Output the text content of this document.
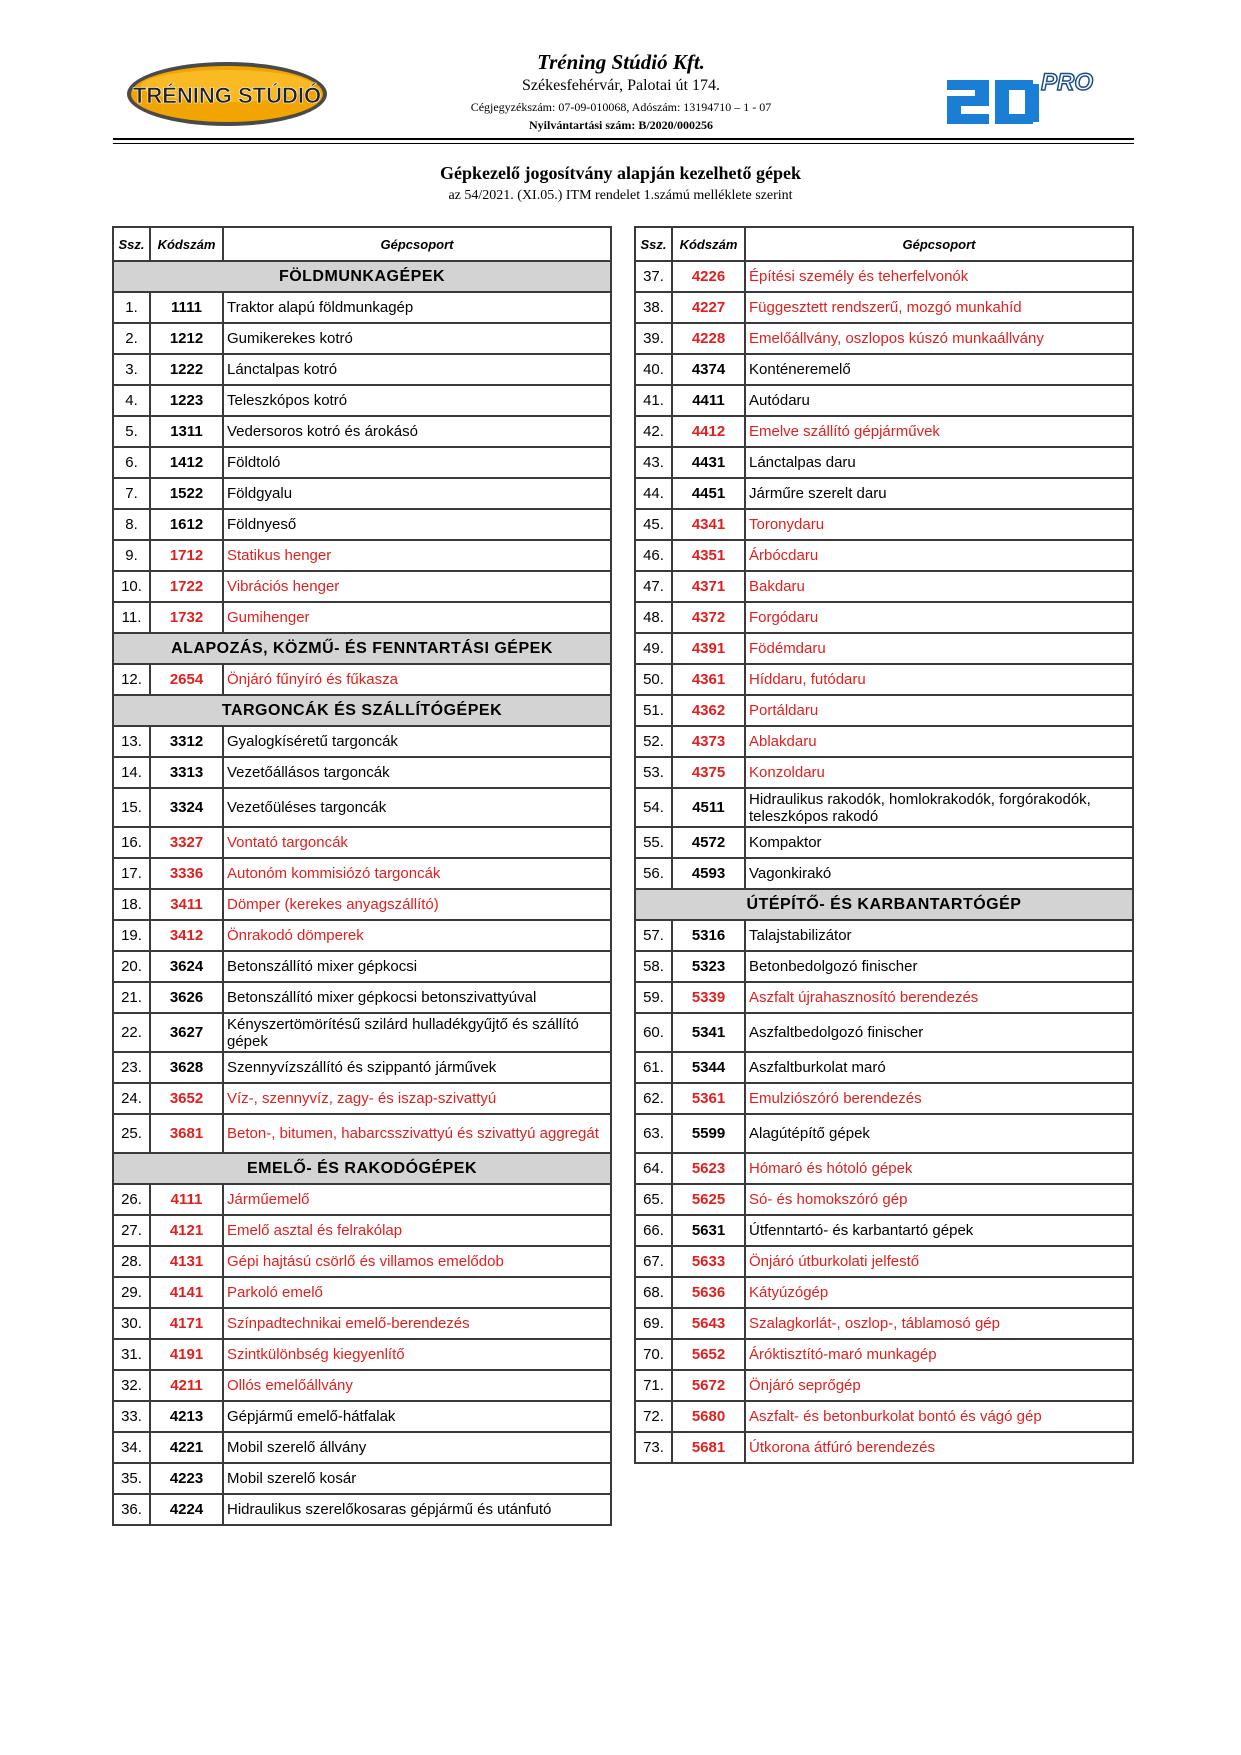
TRÉNING STÚDIÓ
Tréning Stúdió Kft.
Székesfehérvár, Palotai út 174.
Cégjegyzékszám: 07-09-010068, Adószám: 13194710 – 1 - 07
Nyilvántartási szám: B/2020/000256
PRO
ZD PRO
Gépkezelő jogosítvány alapján kezelhető gépek
az 54/2021. (XI.05.) ITM rendelet 1.számú melléklete szerint
Ssz.	Kódszám	Gépcsoport
FÖLDMUNKAGÉPEK		
1.	1111	Traktor alapú földmunkagép
2.	1212	Gumikerekes kotró
3.	1222	Lánctalpas kotró
4.	1223	Teleszkópos kotró
5.	1311	Vedersoros kotró és árokásó
6.	1412	Földtoló
7.	1522	Földgyalu
8.	1612	Földnyeső
9.	1712	Statikus henger
10.	1722	Vibrációs henger
11.	1732	Gumihenger
ALAPOZÁS, KÖZMŰ- ÉS FENNTARTÁSI GÉPEK		
12.	2654	Önjáró fűnyíró és fűkasza
TARGONCÁK ÉS SZÁLLÍTÓGÉPEK		
13.	3312	Gyalogkíséretű targoncák
14.	3313	Vezetőállásos targoncák
15.	3324	Vezetőüléses targoncák
16.	3327	Vontató targoncák
17.	3336	Autonóm kommisiózó targoncák
18.	3411	Dömper (kerekes anyagszállító)
19.	3412	Önrakodó dömperek
20.	3624	Betonszállító mixer gépkocsi
21.	3626	Betonszállító mixer gépkocsi betonszivattyúval
22.	3627	Kényszertömörítésű szilárd hulladékgyűjtő és szállító gépek
23.	3628	Szennyvízszállító és szippantó járművek
24.	3652	Víz-, szennyvíz, zagy- és iszap-szivattyú
25.	3681	Beton-, bitumen, habarcsszivattyú és szivattyú aggregát
EMELŐ- ÉS RAKODÓGÉPEK		
26.	4111	Járműemelő
27.	4121	Emelő asztal és felrakólap
28.	4131	Gépi hajtású csörlő és villamos emelődob
29.	4141	Parkoló emelő
30.	4171	Színpadtechnikai emelő-berendezés
31.	4191	Szintkülönbség kiegyenlítő
32.	4211	Ollós emelőállvány
33.	4213	Gépjármű emelő-hátfalak
34.	4221	Mobil szerelő állvány
35.	4223	Mobil szerelő kosár
36.	4224	Hidraulikus szerelőkosaras gépjármű és utánfutó
Ssz.	Kódszám	Gépcsoport
37.	4226	Építési személy és teherfelvonók
38.	4227	Függesztett rendszerű, mozgó munkahíd
39.	4228	Emelőállvány, oszlopos kúszó munkaállvány
40.	4374	Konténeremelő
41.	4411	Autódaru
42.	4412	Emelve szállító gépjárművek
43.	4431	Lánctalpas daru
44.	4451	Járműre szerelt daru
45.	4341	Toronydaru
46.	4351	Árbócdaru
47.	4371	Bakdaru
48.	4372	Forgódaru
49.	4391	Födémdaru
50.	4361	Híddaru, futódaru
51.	4362	Portáldaru
52.	4373	Ablakdaru
53.	4375	Konzoldaru
54.	4511	Hidraulikus rakodók, homlokrakodók, forgórakodók, teleszkópos rakodó
55.	4572	Kompaktor
56.	4593	Vagonkirakó
ÚTÉPÍTŐ- ÉS KARBANTARTÓGÉP		
57.	5316	Talajstabilizátor
58.	5323	Betonbedolgozó finischer
59.	5339	Aszfalt újrahasznosító berendezés
60.	5341	Aszfaltbedolgozó finischer
61.	5344	Aszfaltburkolat maró
62.	5361	Emulziószóró berendezés
63.	5599	Alagútépítő gépek
64.	5623	Hómaró és hótoló gépek
65.	5625	Só- és homokszóró gép
66.	5631	Útfenntartó- és karbantartó gépek
67.	5633	Önjáró útburkolati jelfestő
68.	5636	Kátyúzógép
69.	5643	Szalagkorlát-, oszlop-, táblamosó gép
70.	5652	Áróktisztító-maró munkagép
71.	5672	Önjáró seprőgép
72.	5680	Aszfalt- és betonburkolat bontó és vágó gép
73.	5681	Útkorona átfúró berendezés
